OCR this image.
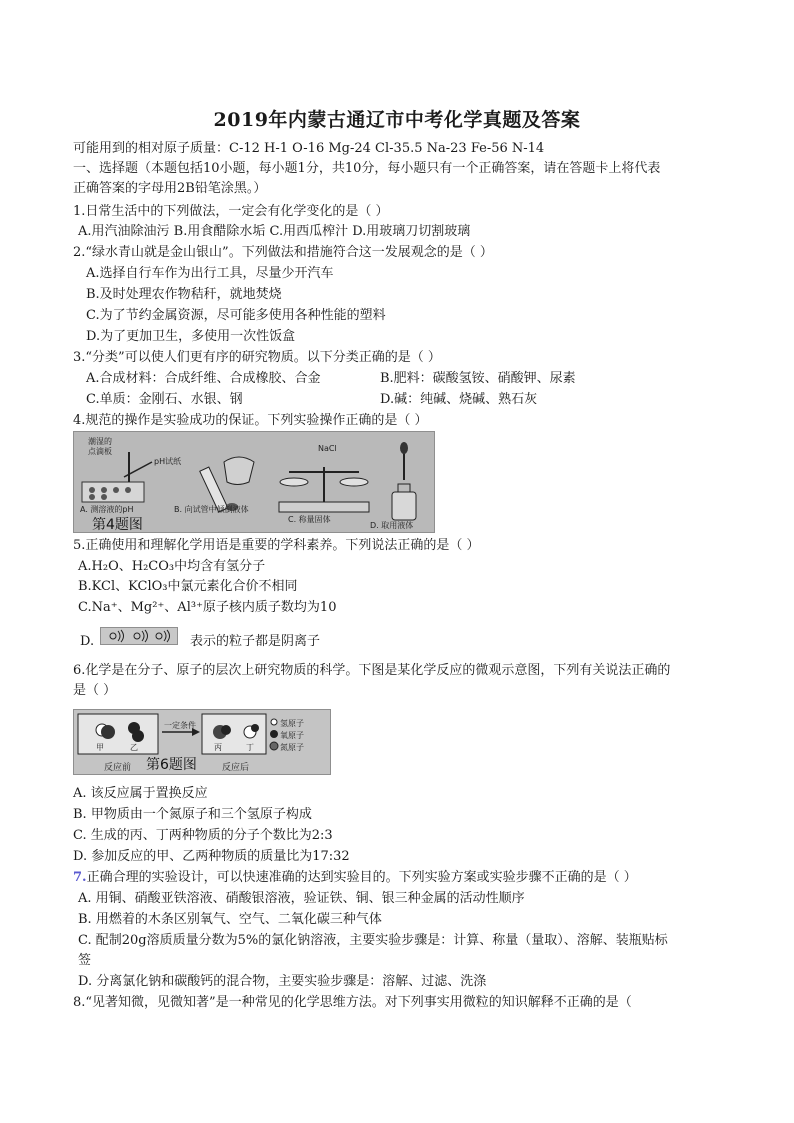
2019年内蒙古通辽市中考化学真题及答案
可能用到的相对原子质量：C-12 H-1 O-16 Mg-24 Cl-35.5 Na-23 Fe-56 N-14
一、选择题（本题包括10小题，每小题1分，共10分，每小题只有一个正确答案，请在答题卡上将代表
正确答案的字母用2B铅笔涂黑。）
1.日常生活中的下列做法，一定会有化学变化的是（ ）
A.用汽油除油污 B.用食醋除水垢 C.用西瓜榨汁 D.用玻璃刀切割玻璃
2.“绿水青山就是金山银山”。下列做法和措施符合这一发展观念的是（ ）
A.选择自行车作为出行工具，尽量少开汽车
B.及时处理农作物秸秆，就地焚烧
C.为了节约金属资源，尽可能多使用各种性能的塑料
D.为了更加卫生，多使用一次性饭盒
3.“分类”可以使人们更有序的研究物质。以下分类正确的是（ ）
A.合成材料：合成纤维、合成橡胶、合金	B.肥料：碳酸氢铵、硝酸钾、尿素
C.单质：金刚石、水银、钢	D.碱：纯碱、烧碱、熟石灰
4.规范的操作是实验成功的保证。下列实验操作正确的是（ ）
潮湿的
点滴板
pH试纸
NaCl
A. 测溶液的pH	B. 向试管中倾倒液体
C. 称量固体
D. 取用液体
第4题图
5.正确使用和理解化学用语是重要的学科素养。下列说法正确的是（ ）
A.H₂O、H₂CO₃中均含有氢分子
B.KCl、KClO₃中氯元素化合价不相同
C.Na⁺、Mg²⁺、Al³⁺原子核内质子数均为10
D.	表示的粒子都是阴离子
6.化学是在分子、原子的层次上研究物质的科学。下图是某化学反应的微观示意图，下列有关说法正确的
是（ ）
甲	乙	丙	丁
一定条件	氢原子
氧原子
氮原子
反应前	反应后
第6题图
A. 该反应属于置换反应
B. 甲物质由一个氮原子和三个氢原子构成
C. 生成的丙、丁两种物质的分子个数比为2:3
D. 参加反应的甲、乙两种物质的质量比为17:32
7.正确合理的实验设计，可以快速准确的达到实验目的。下列实验方案或实验步骤不正确的是（ ）
A. 用铜、硝酸亚铁溶液、硝酸银溶液，验证铁、铜、银三种金属的活动性顺序
B. 用燃着的木条区别氧气、空气、二氧化碳三种气体
C. 配制20g溶质质量分数为5%的氯化钠溶液，主要实验步骤是：计算、称量（量取）、溶解、装瓶贴标
签
D. 分离氯化钠和碳酸钙的混合物，主要实验步骤是：溶解、过滤、洗涤
8.“见著知微，见微知著”是一种常见的化学思维方法。对下列事实用微粒的知识解释不正确的是（
